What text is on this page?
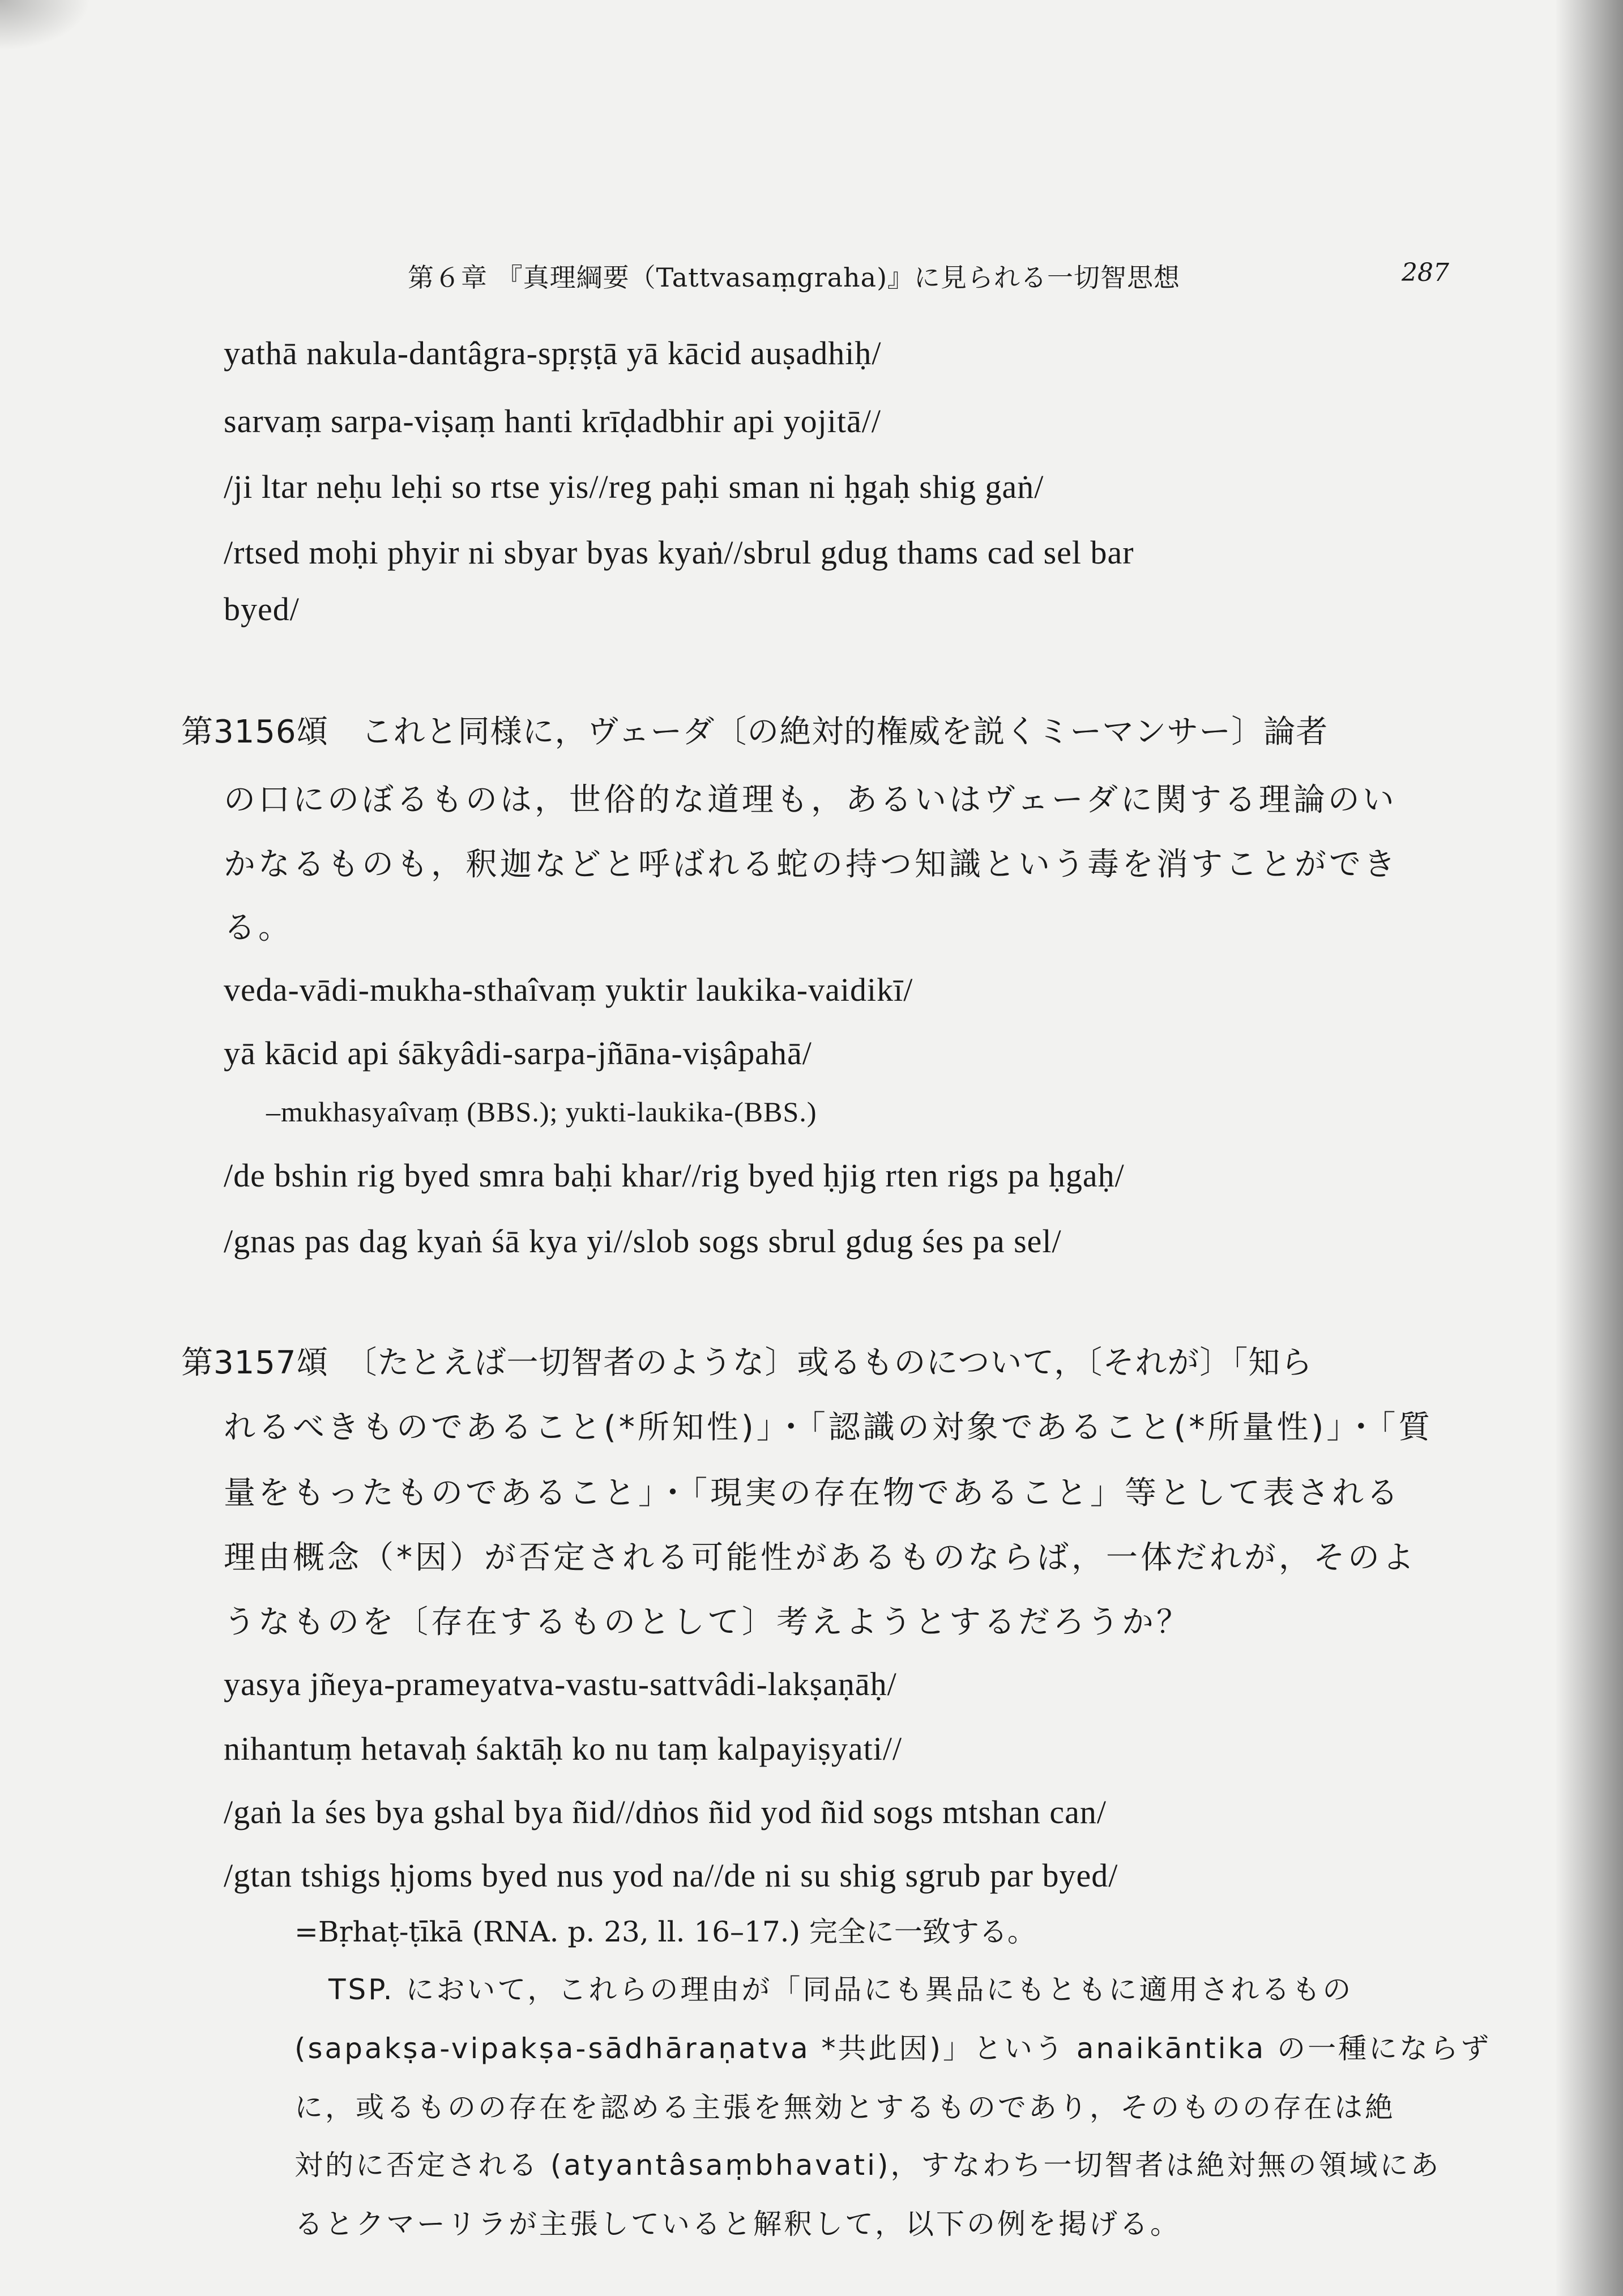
第６章 『真理綱要（Tattvasaṃgraha)』に見られる一切智思想	287
yathā nakula-dantâgra-spṛṣṭā yā kācid auṣadhiḥ/
sarvaṃ sarpa-viṣaṃ hanti krīḍadbhir api yojitā//
/ji ltar neḥu leḥi so rtse yis//reg paḥi sman ni ḥgaḥ shig gaṅ/
/rtsed moḥi phyir ni sbyar byas kyaṅ//sbrul gdug thams cad sel bar
byed/
第3156頌　これと同様に，ヴェーダ〔の絶対的権威を説くミーマンサー〕論者
の口にのぼるものは，世俗的な道理も，あるいはヴェーダに関する理論のい
かなるものも，釈迦などと呼ばれる蛇の持つ知識という毒を消すことができ
る。
veda-vādi-mukha-sthaîvaṃ yuktir laukika-vaidikī/
yā kācid api śākyâdi-sarpa-jñāna-viṣâpahā/
–mukhasyaîvaṃ (BBS.); yukti-laukika-(BBS.)
/de bshin rig byed smra baḥi khar//rig byed ḥjig rten rigs pa ḥgaḥ/
/gnas pas dag kyaṅ śā kya yi//slob sogs sbrul gdug śes pa sel/
第3157頌　〔たとえば一切智者のような〕或るものについて，〔それが〕「知ら
れるべきものであること(*所知性)」・「認識の対象であること(*所量性)」・「質
量をもったものであること」・「現実の存在物であること」等として表される
理由概念（*因）が否定される可能性があるものならば，一体だれが，そのよ
うなものを〔存在するものとして〕考えようとするだろうか？
yasya jñeya-prameyatva-vastu-sattvâdi-lakṣaṇāḥ/
nihantuṃ hetavaḥ śaktāḥ ko nu taṃ kalpayiṣyati//
/gaṅ la śes bya gshal bya ñid//dṅos ñid yod ñid sogs mtshan can/
/gtan tshigs ḥjoms byed nus yod na//de ni su shig sgrub par byed/
=Bṛhaṭ-ṭīkā (RNA. p. 23, ll. 16–17.) 完全に一致する。
TSP. において，これらの理由が「同品にも異品にもともに適用されるもの
(sapakṣa-vipakṣa-sādhāraṇatva *共此因)」という anaikāntika の一種にならず
に，或るものの存在を認める主張を無効とするものであり，そのものの存在は絶
対的に否定される (atyantâsaṃbhavati)，すなわち一切智者は絶対無の領域にあ
るとクマーリラが主張していると解釈して，以下の例を掲げる。
